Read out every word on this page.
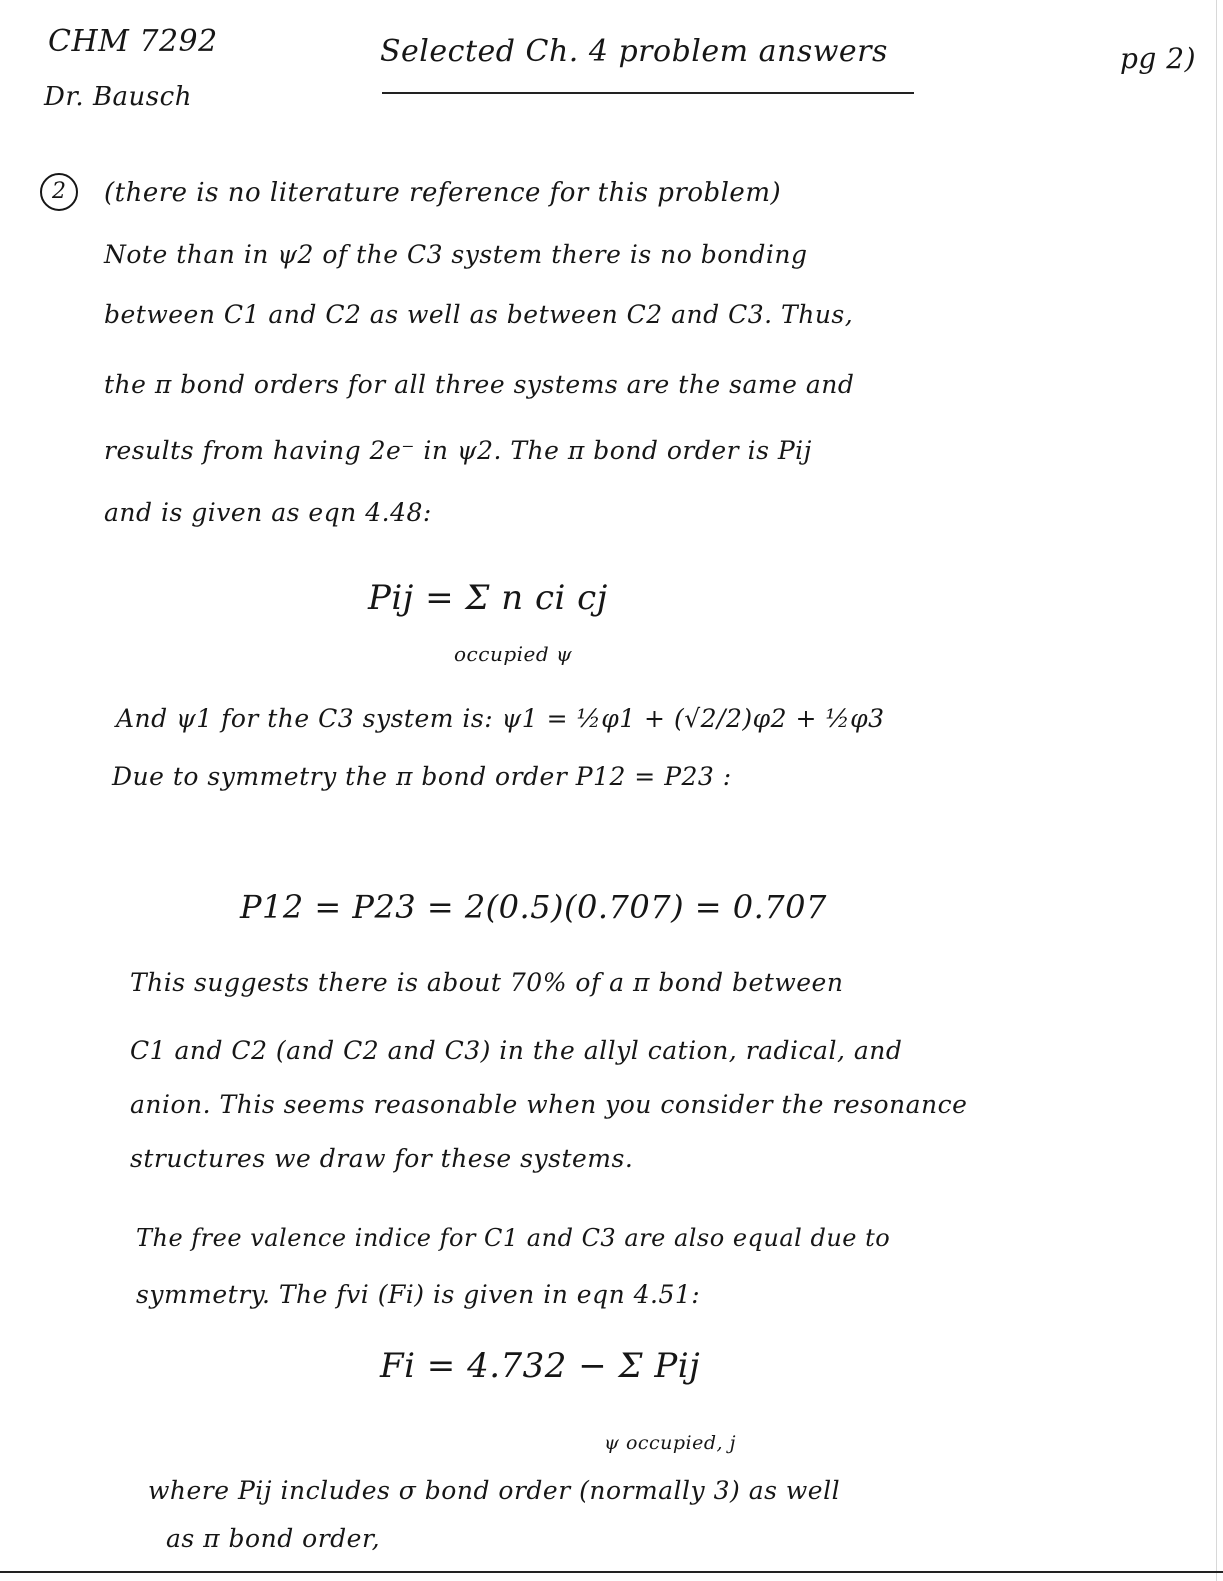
CHM 7292
Dr. Bausch
Selected Ch. 4 problem answers	pg 2)
2	(there is no literature reference for this problem)
Note than in ψ2 of the C3 system there is no bonding
between C1 and C2 as well as between C2 and C3. Thus,
the π bond orders for all three systems are the same and
results from having 2e⁻ in ψ2. The π bond order is Pij
and is given as eqn 4.48:
Pij = Σ n ci cj
occupied ψ
And ψ1 for the C3 system is: ψ1 = ½φ1 + (√2/2)φ2 + ½φ3
Due to symmetry the π bond order P12 = P23 :
P12 = P23 = 2(0.5)(0.707) = 0.707
This suggests there is about 70% of a π bond between
C1 and C2 (and C2 and C3) in the allyl cation, radical, and
anion. This seems reasonable when you consider the resonance
structures we draw for these systems.
The free valence indice for C1 and C3 are also equal due to
symmetry. The fvi (Fi) is given in eqn 4.51:
Fi = 4.732 − Σ Pij
ψ occupied, j
where Pij includes σ bond order (normally 3) as well
as π bond order,
